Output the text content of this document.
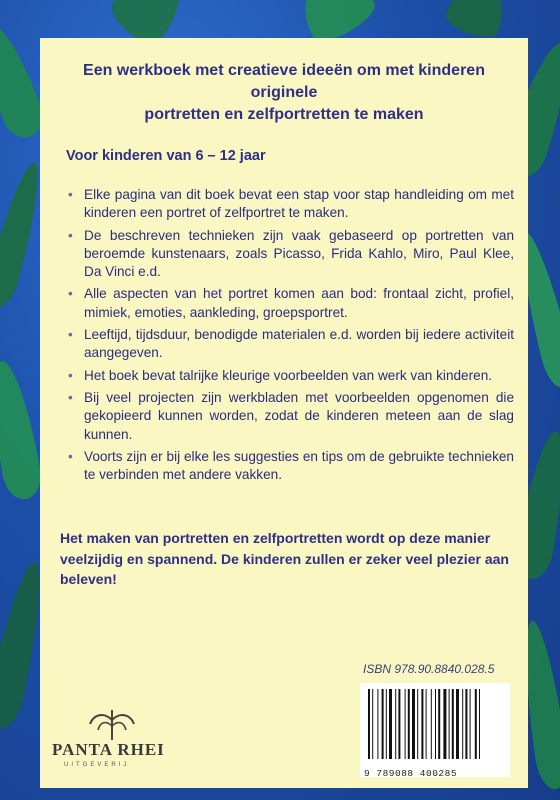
Een werkboek met creatieve ideeën om met kinderen originele
portretten en zelfportretten te maken
Voor kinderen van 6 – 12 jaar
• Elke pagina van dit boek bevat een stap voor stap handleiding om met kinderen een portret of zelfportret te maken.
• De beschreven technieken zijn vaak gebaseerd op portretten van beroemde kunstenaars, zoals Picasso, Frida Kahlo, Miro, Paul Klee, Da Vinci e.d.
• Alle aspecten van het portret komen aan bod: frontaal zicht, profiel, mimiek, emoties, aankleding, groepsportret.
• Leeftijd, tijdsduur, benodigde materialen e.d. worden bij iedere activiteit aangegeven.
• Het boek bevat talrijke kleurige voorbeelden van werk van kinderen.
• Bij veel projecten zijn werkbladen met voorbeelden opgenomen die gekopieerd kunnen worden, zodat de kinderen meteen aan de slag kunnen.
• Voorts zijn er bij elke les suggesties en tips om de gebruikte technieken te verbinden met andere vakken.
Het maken van portretten en zelfportretten wordt op deze manier veelzijdig en spannend. De kinderen zullen er zeker veel plezier aan beleven!
ISBN 978.90.8840.028.5
PANTA RHEI
UITGEVERIJ
9 789088 400285
